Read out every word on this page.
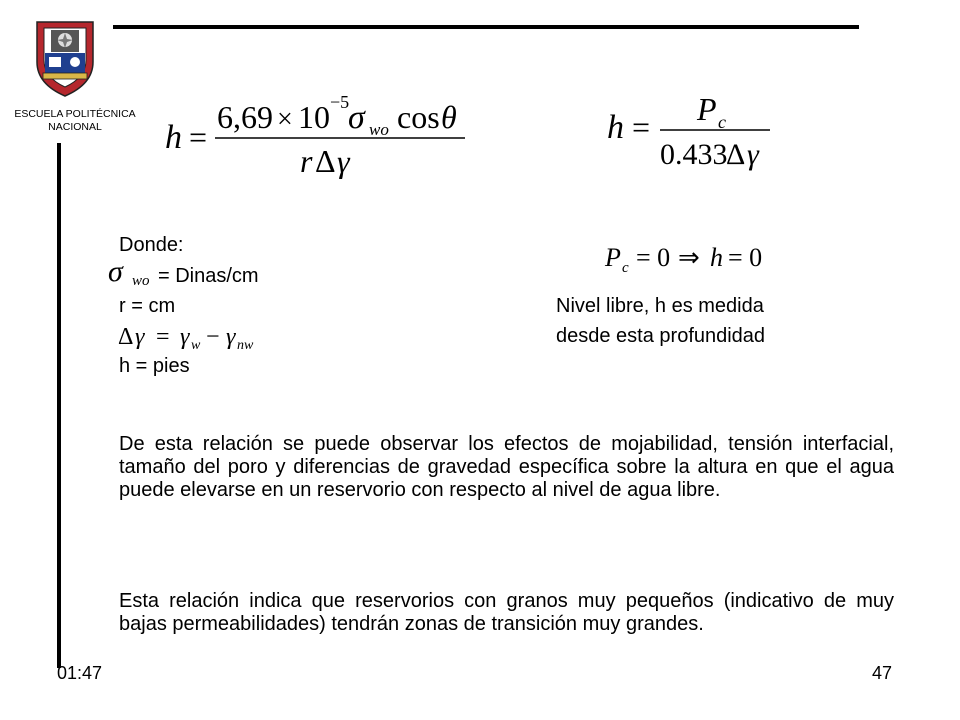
ESCUELA POLITÉCNICA
NACIONAL	h =
6,69 × 10 −5
σ wo cos θ
r Δ γ
h = P c
0.433
Δ γ
P c = 0 ⇒ h = 0
Donde:
σ wo = Dinas/cm
r = cm
Δ γ = γ w − γ nw
h = pies
Nivel libre, h es medida
desde esta profundidad
De esta relación se puede observar los efectos de mojabilidad, tensión interfacial, tamaño del poro y diferencias de gravedad específica sobre la altura en que el agua puede elevarse en un reservorio con respecto al nivel de agua libre.
Esta relación indica que reservorios con granos muy pequeños (indicativo de muy bajas permeabilidades) tendrán zonas de transición muy grandes.
01:47	47
